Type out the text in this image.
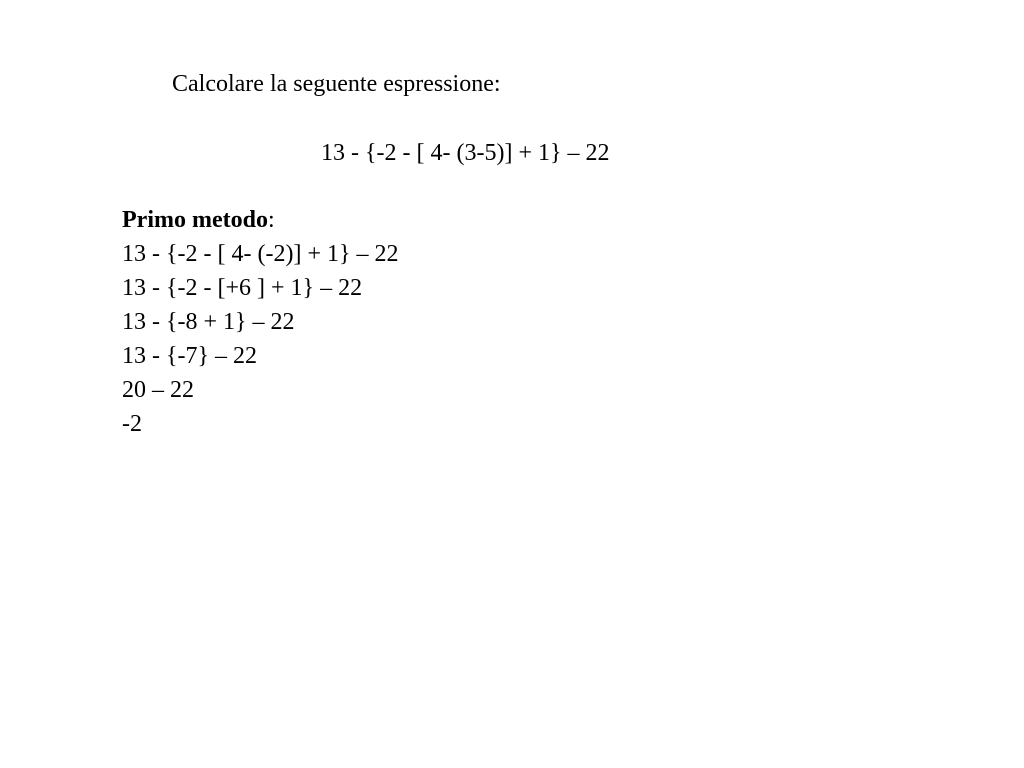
Calcolare la seguente espressione:
13 - {-2 - [ 4- (3-5)] + 1} – 22
Primo metodo:
13 - {-2 - [ 4- (-2)] + 1} – 22
13 - {-2 - [+6 ] + 1} – 22
13 - {-8 + 1} – 22
13 - {-7} – 22
20 – 22
-2
